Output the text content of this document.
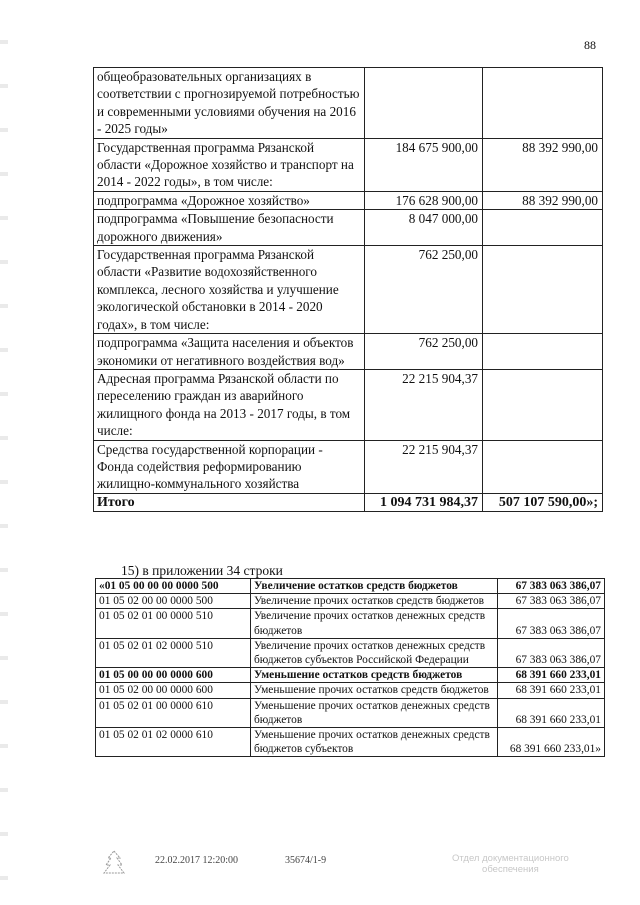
88
общеобразовательных организациях в соответствии с прогнозируемой потребностью и современными условиями обучения на 2016 - 2025 годы»		
Государственная программа Рязанской области «Дорожное хозяйство и транспорт на 2014 - 2022 годы», в том числе:	184 675 900,00	88 392 990,00
подпрограмма «Дорожное хозяйство»	176 628 900,00	88 392 990,00
подпрограмма «Повышение безопасности дорожного движения»	8 047 000,00	
Государственная программа Рязанской области «Развитие водохозяйственного комплекса, лесного хозяйства и улучшение экологической обстановки в 2014 - 2020 годах», в том числе:	762 250,00	
подпрограмма «Защита населения и объектов экономики от негативного воздействия вод»	762 250,00	
Адресная программа Рязанской области по переселению граждан из аварийного жилищного фонда на 2013 - 2017 годы, в том числе:	22 215 904,37	
Средства государственной корпорации - Фонда содействия реформированию жилищно-коммунального хозяйства	22 215 904,37	
Итого	1 094 731 984,37	507 107 590,00»;
15) в приложении 34 строки
«01 05 00 00 00 0000 500	Увеличение остатков средств бюджетов	67 383 063 386,07
01 05 02 00 00 0000 500	Увеличение прочих остатков средств бюджетов	67 383 063 386,07
01 05 02 01 00 0000 510	Увеличение прочих остатков денежных средств бюджетов	67 383 063 386,07
01 05 02 01 02 0000 510	Увеличение прочих остатков денежных средств бюджетов субъектов Российской Федерации	67 383 063 386,07
01 05 00 00 00 0000 600	Уменьшение остатков средств бюджетов	68 391 660 233,01
01 05 02 00 00 0000 600	Уменьшение прочих остатков средств бюджетов	68 391 660 233,01
01 05 02 01 00 0000 610	Уменьшение прочих остатков денежных средств бюджетов	68 391 660 233,01
01 05 02 01 02 0000 610	Уменьшение прочих остатков денежных средств бюджетов субъектов	68 391 660 233,01»
22.02.2017 12:20:00	35674/1-9	Отдел документационного
обеспечения
